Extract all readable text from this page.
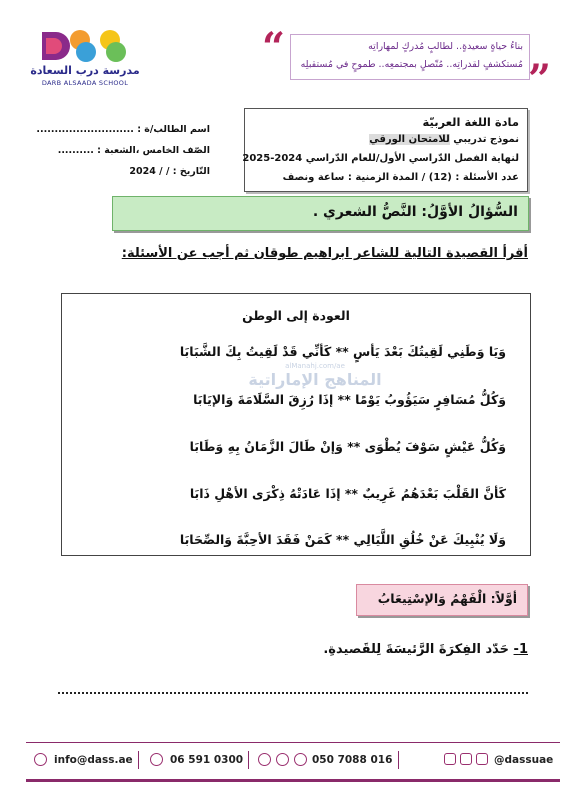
مدرسة درب السعادة
DARB ALSAADA SCHOOL
“	بناءُ حياةٍ سعيدةٍ.. لطالبٍ مُدركٍ لمهاراتِه
مُستكشفٍ لقدراتِه.. مُتّصلٍ بمجتمعِه.. طموحٍ في مُستقبلِه ”
اسم الطالب/ة : ...........................
الصّف الخامس ،الشعبة : ..........
التّاريخ : / / 2024
مادة اللغة العربيّة
نموذج تدريبي للامتحان الورقي
لنهاية الفصل الدّراسي الأول/للعام الدّراسي 2024-2025
عدد الأسئلة : (12) / المدة الزمنية : ساعة ونصف
السُّؤالُ الأوَّلُ: النَّصُّ الشعري .
أقرأ القصيدة التالية للشاعر ابراهيم طوقان ثم أجب عن الأسئلة:
العودة إلى الوطن
وَيَا وَطَنِي لَقِيتُكَ بَعْدَ يَأسٍ ** كَأنِّي قَدْ لَقِيتُ بِكَ الشَّبَابَا
وَكُلُّ مُسَافِرٍ سَيَؤُوبُ يَوْمًا ** إذَا رُزِقَ السَّلَامَةَ وَالإيَابَا
وَكُلُّ عَيْشٍ سَوْفَ يُطْوَى ** وَإنْ طَالَ الزَّمَانُ بِهِ وَطَابَا
كَأنَّ القَلْبَ بَعْدَهُمُ غَرِيبٌ ** إذَا عَادَتْهُ ذِكْرَى الأهْلِ ذَابَا
وَلَا يُنْبِيكَ عَنْ خُلُقِ اللَّيَالِي ** كَمَنْ فَقَدَ الأحِبَّةَ وَالصِّحَابَا
alManahj.com/ae
المناهج الإماراتية
أوَّلاً: الْفَهْمُ وَالإسْتِيعَابُ
1- حَدّد الفِكرَةَ الرَّئيسَةَ لِلقَصيدةِ.
info@dass.ae	06 591 0300	050 7088 016	@dassuae
